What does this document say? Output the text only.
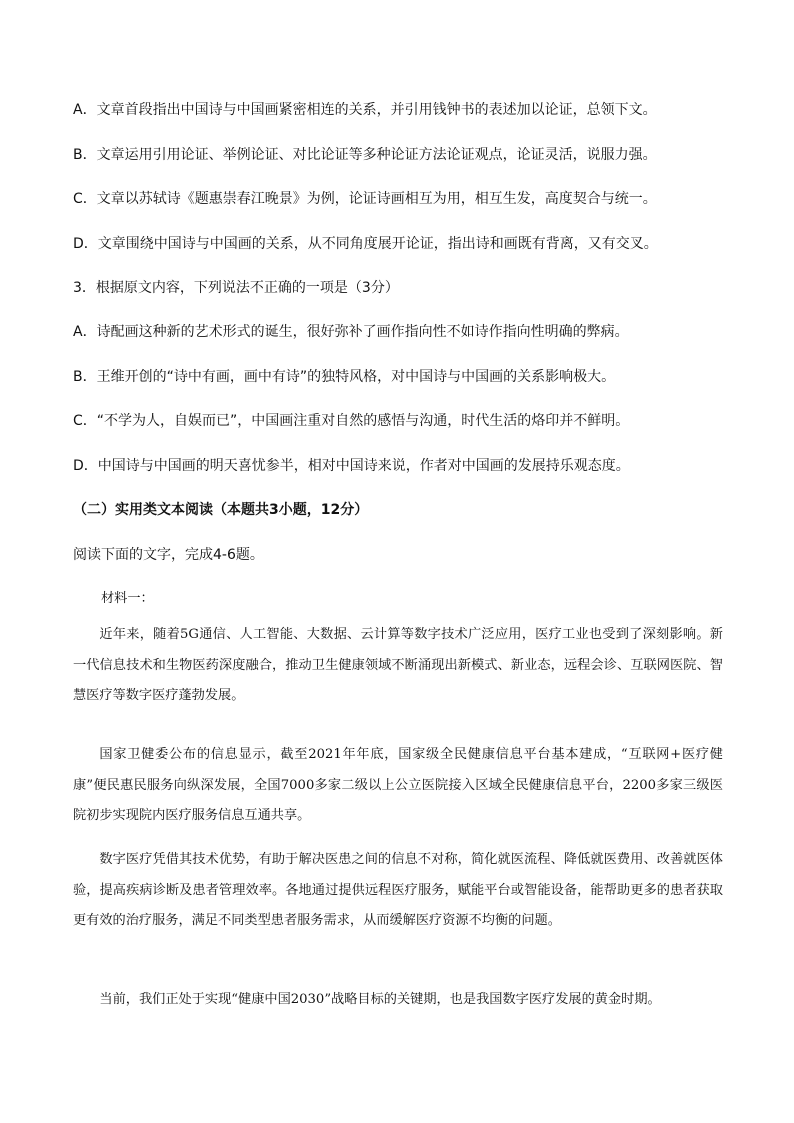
A．文章首段指出中国诗与中国画紧密相连的关系，并引用钱钟书的表述加以论证，总领下文。
B．文章运用引用论证、举例论证、对比论证等多种论证方法论证观点，论证灵活，说服力强。
C．文章以苏轼诗《题惠崇春江晚景》为例，论证诗画相互为用，相互生发，高度契合与统一。
D．文章围绕中国诗与中国画的关系，从不同角度展开论证，指出诗和画既有背离，又有交叉。
3．根据原文内容，下列说法不正确的一项是（3分）
A．诗配画这种新的艺术形式的诞生，很好弥补了画作指向性不如诗作指向性明确的弊病。
B．王维开创的“诗中有画，画中有诗”的独特风格，对中国诗与中国画的关系影响极大。
C．“不学为人，自娱而已”，中国画注重对自然的感悟与沟通，时代生活的烙印并不鲜明。
D．中国诗与中国画的明天喜忧参半，相对中国诗来说，作者对中国画的发展持乐观态度。
（二）实用类文本阅读（本题共3小题，12分）
阅读下面的文字，完成4-6题。
材料一：

近年来，随着5G通信、人工智能、大数据、云计算等数字技术广泛应用，医疗工业也受到了深刻影响。新一代信息技术和生物医药深度融合，推动卫生健康领域不断涌现出新模式、新业态，远程会诊、互联网医院、智慧医疗等数字医疗蓬勃发展。

国家卫健委公布的信息显示，截至2021年年底，国家级全民健康信息平台基本建成，“互联网+医疗健康”便民惠民服务向纵深发展，全国7000多家二级以上公立医院接入区域全民健康信息平台，2200多家三级医院初步实现院内医疗服务信息互通共享。

数字医疗凭借其技术优势，有助于解决医患之间的信息不对称，简化就医流程、降低就医费用、改善就医体验，提高疾病诊断及患者管理效率。各地通过提供远程医疗服务，赋能平台或智能设备，能帮助更多的患者获取更有效的治疗服务，满足不同类型患者服务需求，从而缓解医疗资源不均衡的问题。

当前，我们正处于实现“健康中国2030”战略目标的关键期，也是我国数字医疗发展的黄金时期。
